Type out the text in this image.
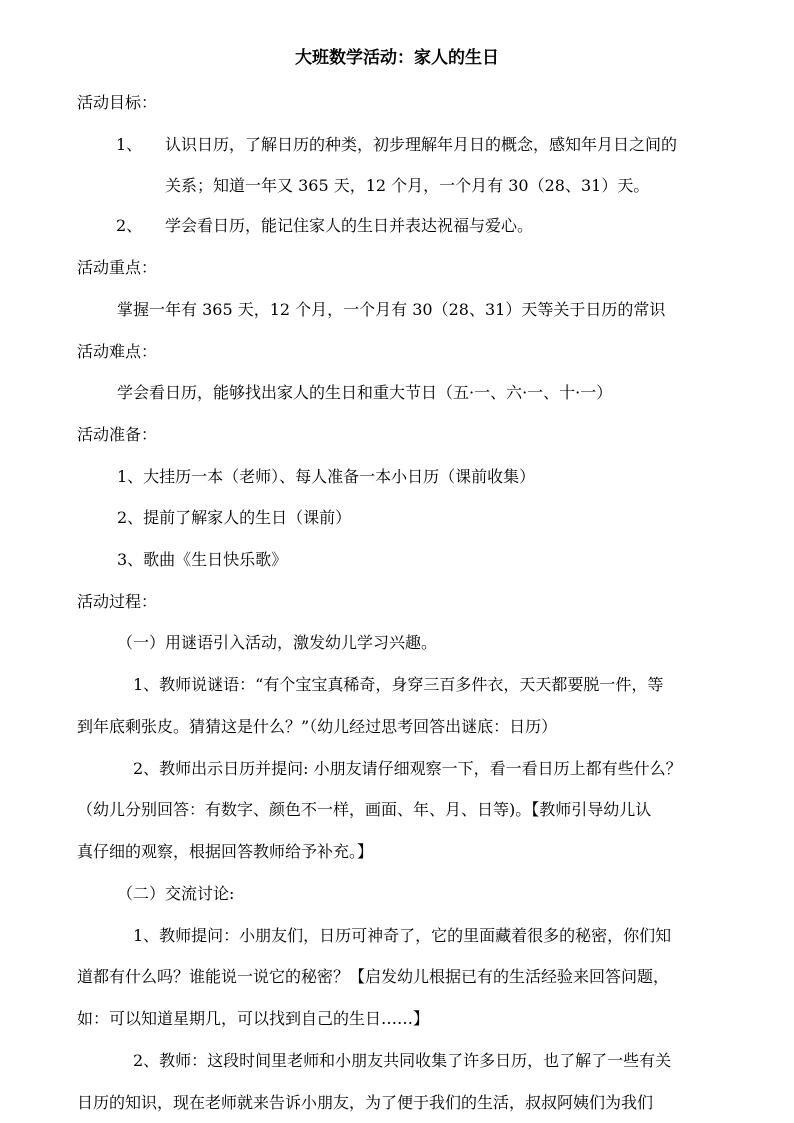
大班数学活动：家人的生日
活动目标：
1、 认识日历，了解日历的种类，初步理解年月日的概念，感知年月日之间的
关系；知道一年又 365 天，12 个月，一个月有 30（28、31）天。
2、 学会看日历，能记住家人的生日并表达祝福与爱心。
活动重点：
掌握一年有 365 天，12 个月，一个月有 30（28、31）天等关于日历的常识
活动难点：
学会看日历，能够找出家人的生日和重大节日（五·一、六·一、十·一）
活动准备：
1、大挂历一本（老师）、每人准备一本小日历（课前收集）
2、提前了解家人的生日（课前）
3、歌曲《生日快乐歌》
活动过程：
（一）用谜语引入活动，激发幼儿学习兴趣。
1、教师说谜语：“有个宝宝真稀奇，身穿三百多件衣，天天都要脱一件，等
到年底剩张皮。猜猜这是什么？”（幼儿经过思考回答出谜底：日历）
2、教师出示日历并提问: 小朋友请仔细观察一下，看一看日历上都有些什么？
（幼儿分别回答：有数字、颜色不一样，画面、年、月、日等)。【教师引导幼儿认
真仔细的观察，根据回答教师给予补充。】
（二）交流讨论:
1、教师提问：小朋友们，日历可神奇了，它的里面藏着很多的秘密，你们知
道都有什么吗？谁能说一说它的秘密？【启发幼儿根据已有的生活经验来回答问题，
如：可以知道星期几，可以找到自己的生日……】
2、教师：这段时间里老师和小朋友共同收集了许多日历，也了解了一些有关
日历的知识，现在老师就来告诉小朋友，为了便于我们的生活，叔叔阿姨们为我们
